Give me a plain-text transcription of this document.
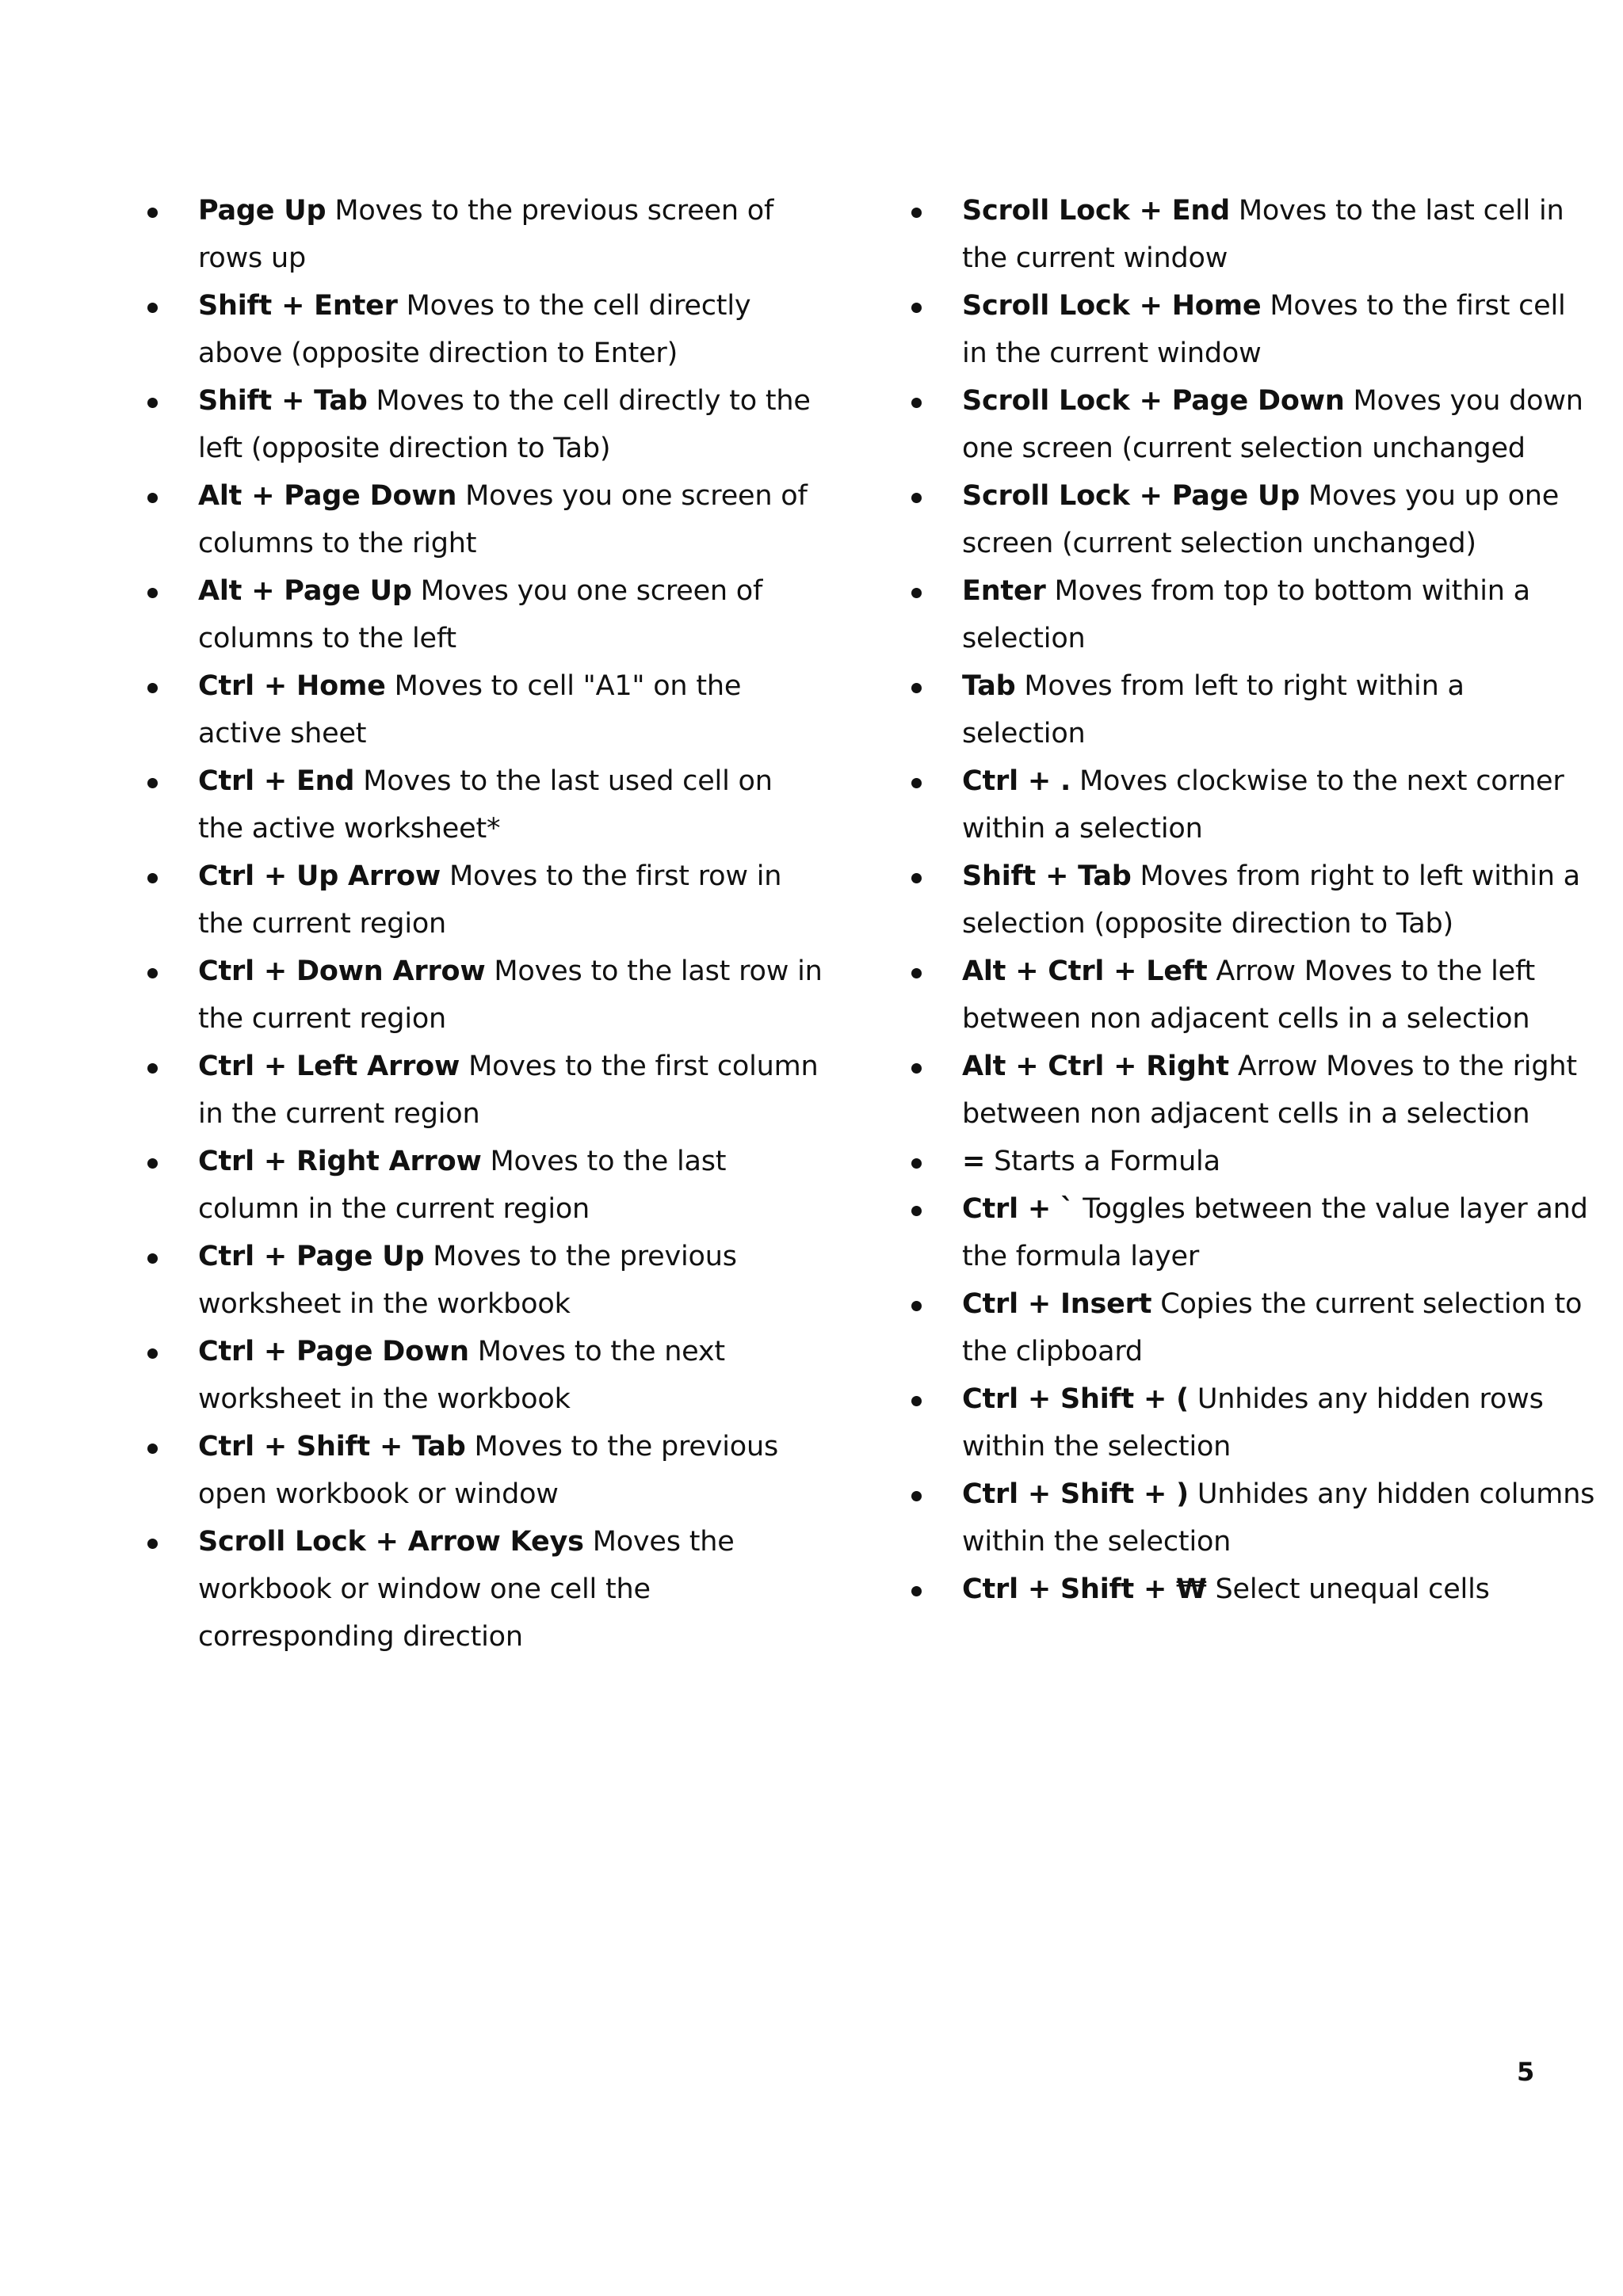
Page Up Moves to the previous screen of
rows up
Shift + Enter Moves to the cell directly
above (opposite direction to Enter)
Shift + Tab Moves to the cell directly to the
left (opposite direction to Tab)
Alt + Page Down Moves you one screen of
columns to the right
Alt + Page Up Moves you one screen of
columns to the left
Ctrl + Home Moves to cell "A1" on the
active sheet
Ctrl + End Moves to the last used cell on
the active worksheet*
Ctrl + Up Arrow Moves to the first row in
the current region
Ctrl + Down Arrow Moves to the last row in
the current region
Ctrl + Left Arrow Moves to the first column
in the current region
Ctrl + Right Arrow Moves to the last
column in the current region
Ctrl + Page Up Moves to the previous
worksheet in the workbook
Ctrl + Page Down Moves to the next
worksheet in the workbook
Ctrl + Shift + Tab Moves to the previous
open workbook or window
Scroll Lock + Arrow Keys Moves the
workbook or window one cell the
corresponding direction
Scroll Lock + End Moves to the last cell in
the current window
Scroll Lock + Home Moves to the first cell
in the current window
Scroll Lock + Page Down Moves you down
one screen (current selection unchanged
Scroll Lock + Page Up Moves you up one
screen (current selection unchanged)
Enter Moves from top to bottom within a
selection
Tab Moves from left to right within a
selection
Ctrl + . Moves clockwise to the next corner
within a selection
Shift + Tab Moves from right to left within a
selection (opposite direction to Tab)
Alt + Ctrl + Left Arrow Moves to the left
between non adjacent cells in a selection
Alt + Ctrl + Right Arrow Moves to the right
between non adjacent cells in a selection
= Starts a Formula
Ctrl + ` Toggles between the value layer and
the formula layer
Ctrl + Insert Copies the current selection to
the clipboard
Ctrl + Shift + ( Unhides any hidden rows
within the selection
Ctrl + Shift + ) Unhides any hidden columns
within the selection
Ctrl + Shift + ₩ Select unequal cells
5
